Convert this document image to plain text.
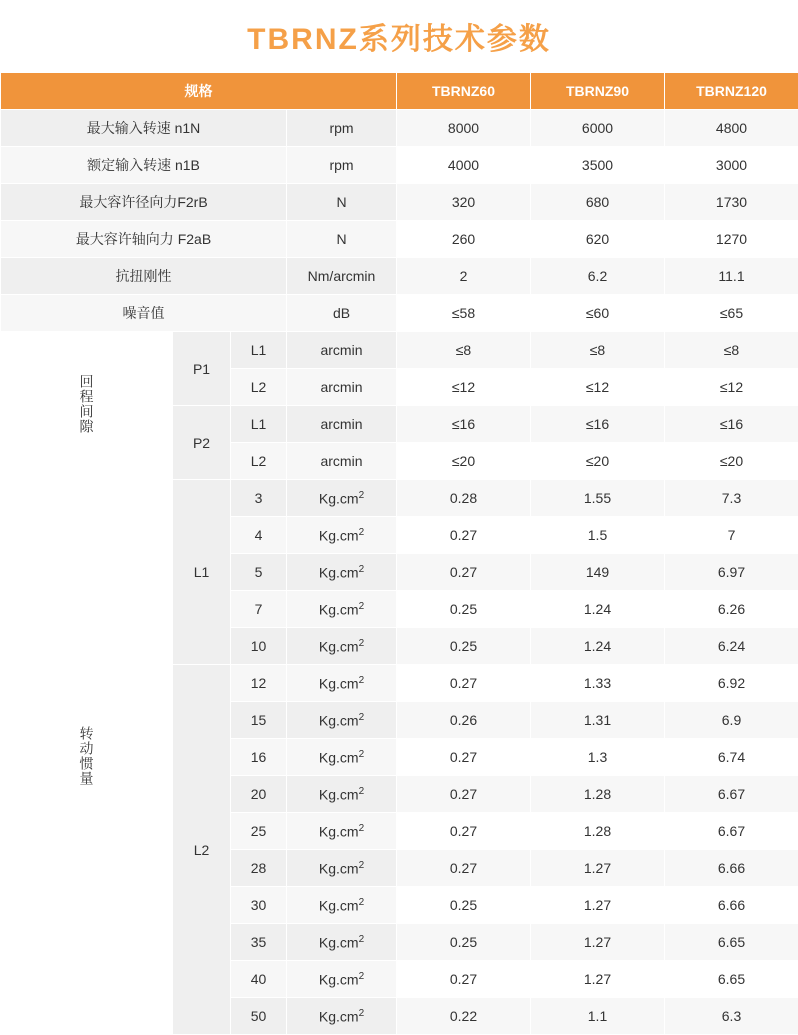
TBRNZ系列技术参数
规格				TBRNZ60	TBRNZ90	TBRNZ120
最大输入转速 n1N			rpm	8000	6000	4800
额定输入转速 n1B			rpm	4000	3500	3000
最大容许径向力F2rB			N	320	680	1730
最大容许轴向力 F2aB			N	260	620	1270
抗扭刚性			Nm/arcmin	2	6.2	11.1
噪音值			dB	≤58	≤60	≤65
回程间隙	P1	L1	arcmin	≤8	≤8	≤8
		L2	arcmin	≤12	≤12	≤12
	P2	L1	arcmin	≤16	≤16	≤16
		L2	arcmin	≤20	≤20	≤20
转动惯量	L1	3	$Kg.cm^2$	0.28	1.55	7.3
		4	$Kg.cm^2$	0.27	1.5	7
		5	$Kg.cm^2$	0.27	149	6.97
		7	$Kg.cm^2$	0.25	1.24	6.26
		10	$Kg.cm^2$	0.25	1.24	6.24
	L2	12	$Kg.cm^2$	0.27	1.33	6.92
		15	$Kg.cm^2$	0.26	1.31	6.9
		16	$Kg.cm^2$	0.27	1.3	6.74
		20	$Kg.cm^2$	0.27	1.28	6.67
		25	$Kg.cm^2$	0.27	1.28	6.67
		28	$Kg.cm^2$	0.27	1.27	6.66
		30	$Kg.cm^2$	0.25	1.27	6.66
		35	$Kg.cm^2$	0.25	1.27	6.65
		40	$Kg.cm^2$	0.27	1.27	6.65
		50	$Kg.cm^2$	0.22	1.1	6.3
